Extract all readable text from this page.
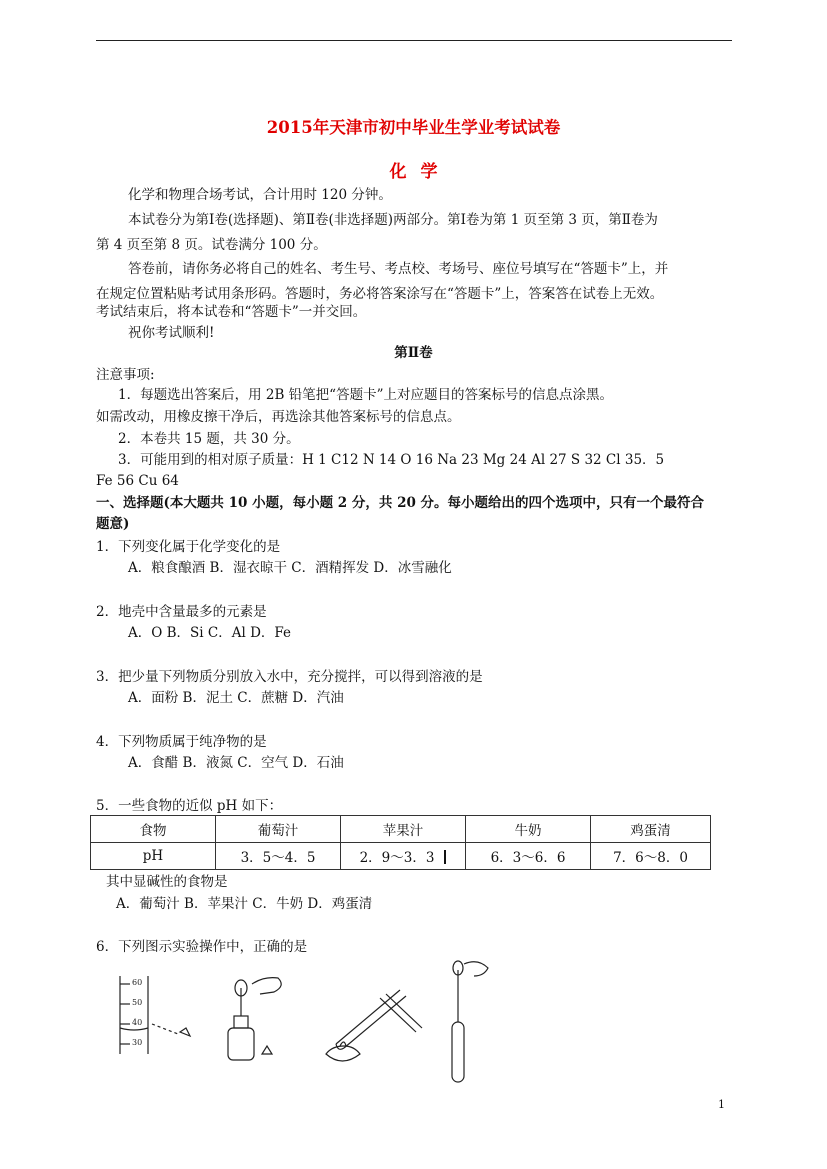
2015年天津市初中毕业生学业考试试卷
化学
化学和物理合场考试，合计用时 120 分钟。
本试卷分为第Ⅰ卷(选择题)、第Ⅱ卷(非选择题)两部分。第Ⅰ卷为第 1 页至第 3 页，第Ⅱ卷为
第 4 页至第 8 页。试卷满分 100 分。
答卷前，请你务必将自己的姓名、考生号、考点校、考场号、座位号填写在“答题卡”上，并
在规定位置粘贴考试用条形码。答题时，务必将答案涂写在“答题卡”上，答案答在试卷上无效。
考试结束后，将本试卷和“答题卡”一并交回。
祝你考试顺利!
第Ⅱ卷
注意事项:
1．每题选出答案后，用 2B 铅笔把“答题卡”上对应题目的答案标号的信息点涂黑。
如需改动，用橡皮擦干净后，再选涂其他答案标号的信息点。
2．本卷共 15 题，共 30 分。
3．可能用到的相对原子质量：H 1 C12 N 14 O 16 Na 23 Mg 24 Al 27 S 32 Cl 35．5
Fe 56 Cu 64
一、选择题(本大题共 10 小题，每小题 2 分，共 20 分。每小题给出的四个选项中，只有一个最符合
题意)
1．下列变化属于化学变化的是
A．粮食酿酒 B．湿衣晾干 C．酒精挥发 D．冰雪融化
2．地壳中含量最多的元素是
A．O B．Si C．Al D．Fe
3．把少量下列物质分别放入水中，充分搅拌，可以得到溶液的是
A．面粉 B．泥土 C．蔗糖 D．汽油
4．下列物质属于纯净物的是
A．食醋 B．液氮 C．空气 D．石油
5．一些食物的近似 pH 如下：
食物	葡萄汁	苹果汁	牛奶	鸡蛋清
pH	3．5～4．5	2．9～3．3	6．3～6．6	7．6～8．0
其中显碱性的食物是
A．葡萄汁 B．苹果汁 C．牛奶 D．鸡蛋清
6．下列图示实验操作中，正确的是
60
50
40
30
1
